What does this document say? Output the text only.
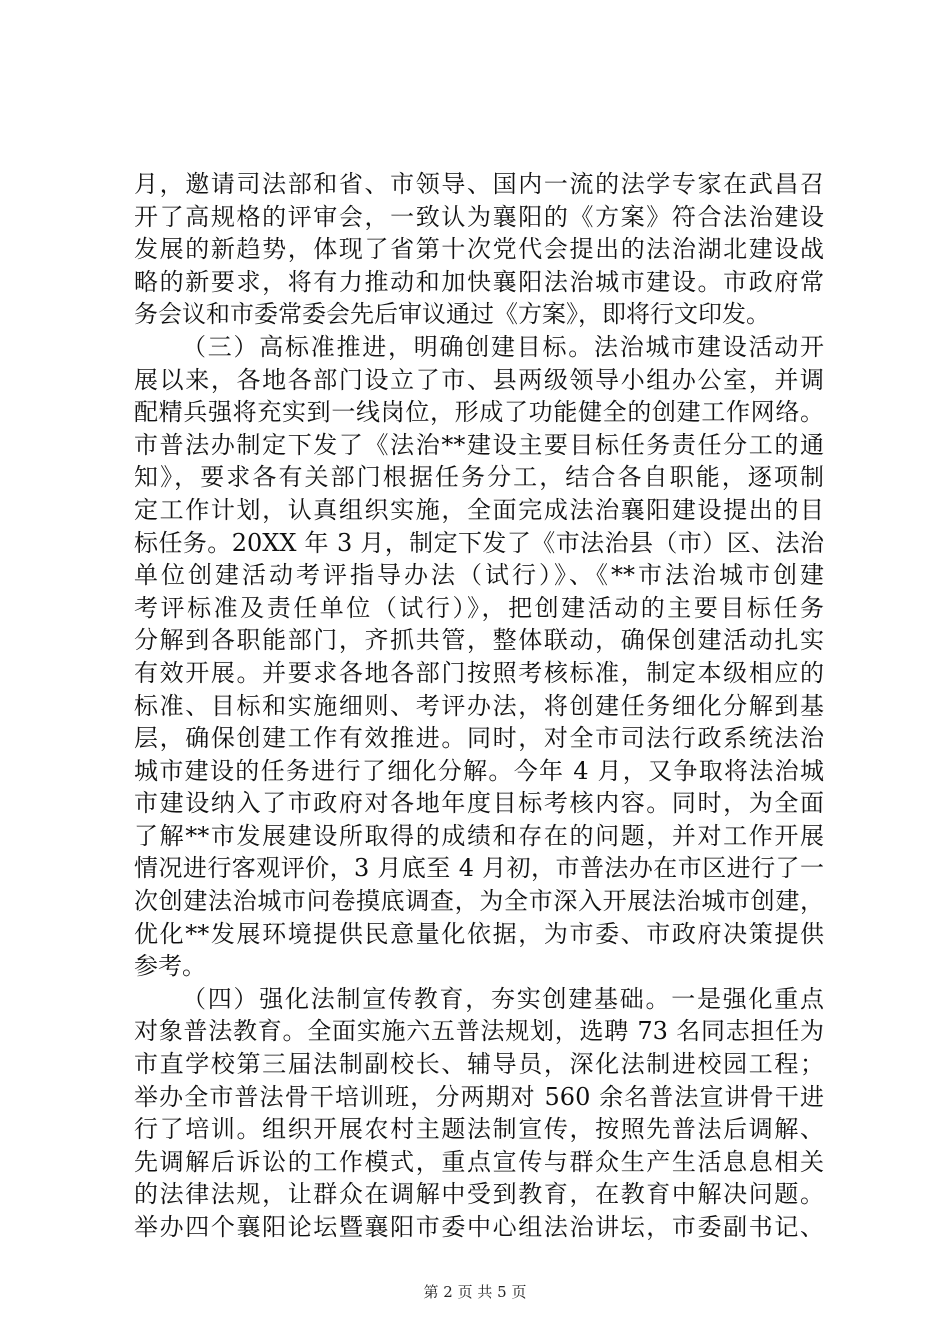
月，邀请司法部和省、市领导、国内一流的法学专家在武昌召
开了高规格的评审会，一致认为襄阳的《方案》符合法治建设
发展的新趋势，体现了省第十次党代会提出的法治湖北建设战
略的新要求，将有力推动和加快襄阳法治城市建设。市政府常
务会议和市委常委会先后审议通过《方案》，即将行文印发。
（三）高标准推进，明确创建目标。法治城市建设活动开
展以来，各地各部门设立了市、县两级领导小组办公室，并调
配精兵强将充实到一线岗位，形成了功能健全的创建工作网络。
市普法办制定下发了《法治**建设主要目标任务责任分工的通
知》，要求各有关部门根据任务分工，结合各自职能，逐项制
定工作计划，认真组织实施，全面完成法治襄阳建设提出的目
标任务。20XX 年 3 月，制定下发了《市法治县（市）区、法治
单位创建活动考评指导办法（试行）》、《**市法治城市创建
考评标准及责任单位（试行）》，把创建活动的主要目标任务
分解到各职能部门，齐抓共管，整体联动，确保创建活动扎实
有效开展。并要求各地各部门按照考核标准，制定本级相应的
标准、目标和实施细则、考评办法，将创建任务细化分解到基
层，确保创建工作有效推进。同时，对全市司法行政系统法治
城市建设的任务进行了细化分解。今年 4 月，又争取将法治城
市建设纳入了市政府对各地年度目标考核内容。同时，为全面
了解**市发展建设所取得的成绩和存在的问题，并对工作开展
情况进行客观评价，3 月底至 4 月初，市普法办在市区进行了一
次创建法治城市问卷摸底调查，为全市深入开展法治城市创建，
优化**发展环境提供民意量化依据，为市委、市政府决策提供
参考。
（四）强化法制宣传教育，夯实创建基础。一是强化重点
对象普法教育。全面实施六五普法规划，选聘 73 名同志担任为
市直学校第三届法制副校长、辅导员，深化法制进校园工程；
举办全市普法骨干培训班，分两期对 560 余名普法宣讲骨干进
行了培训。组织开展农村主题法制宣传，按照先普法后调解、
先调解后诉讼的工作模式，重点宣传与群众生产生活息息相关
的法律法规，让群众在调解中受到教育，在教育中解决问题。
举办四个襄阳论坛暨襄阳市委中心组法治讲坛，市委副书记、
第 2 页 共 5 页
